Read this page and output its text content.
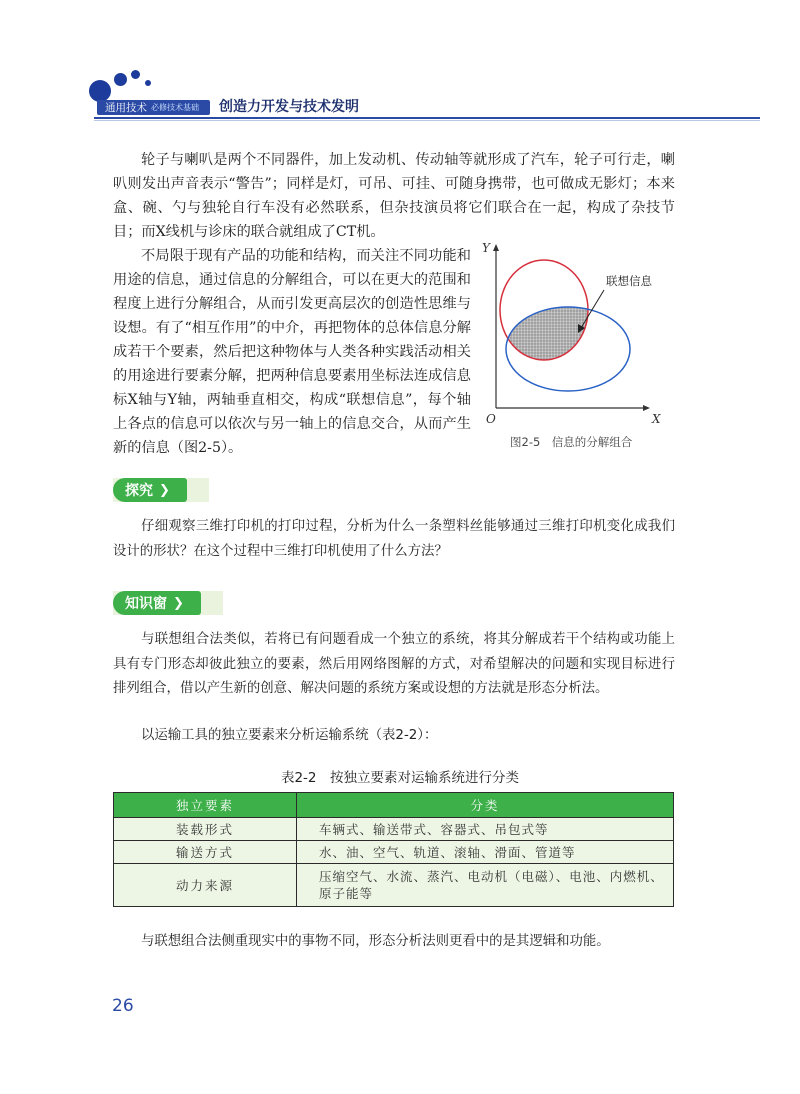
通用技术 必修技术基础 创造力开发与技术发明
轮子与喇叭是两个不同器件，加上发动机、传动轴等就形成了汽车，轮子可行走，喇叭则发出声音表示“警告”；同样是灯，可吊、可挂、可随身携带，也可做成无影灯；本来盒、碗、勺与独轮自行车没有必然联系，但杂技演员将它们联合在一起，构成了杂技节目；而X线机与诊床的联合就组成了CT机。
不局限于现有产品的功能和结构，而关注不同功能和用途的信息，通过信息的分解组合，可以在更大的范围和程度上进行分解组合，从而引发更高层次的创造性思维与设想。有了“相互作用”的中介，再把物体的总体信息分解成若干个要素，然后把这种物体与人类各种实践活动相关的用途进行要素分解，把两种信息要素用坐标法连成信息标X轴与Y轴，两轴垂直相交，构成“联想信息”，每个轴上各点的信息可以依次与另一轴上的信息交合，从而产生新的信息（图2-5）。
Y
X
O
联想信息
图2-5　信息的分解组合
探究 ❯
仔细观察三维打印机的打印过程，分析为什么一条塑料丝能够通过三维打印机变化成我们设计的形状？在这个过程中三维打印机使用了什么方法？
知识窗 ❯
与联想组合法类似，若将已有问题看成一个独立的系统，将其分解成若干个结构或功能上具有专门形态却彼此独立的要素，然后用网络图解的方式，对希望解决的问题和实现目标进行排列组合，借以产生新的创意、解决问题的系统方案或设想的方法就是形态分析法。
以运输工具的独立要素来分析运输系统（表2-2）：
表2-2　按独立要素对运输系统进行分类
独立要素	分类
装载形式	车辆式、输送带式、容器式、吊包式等
输送方式	水、油、空气、轨道、滚轴、滑面、管道等
动力来源	压缩空气、水流、蒸汽、电动机（电磁）、电池、内燃机、原子能等
与联想组合法侧重现实中的事物不同，形态分析法则更看中的是其逻辑和功能。
26
